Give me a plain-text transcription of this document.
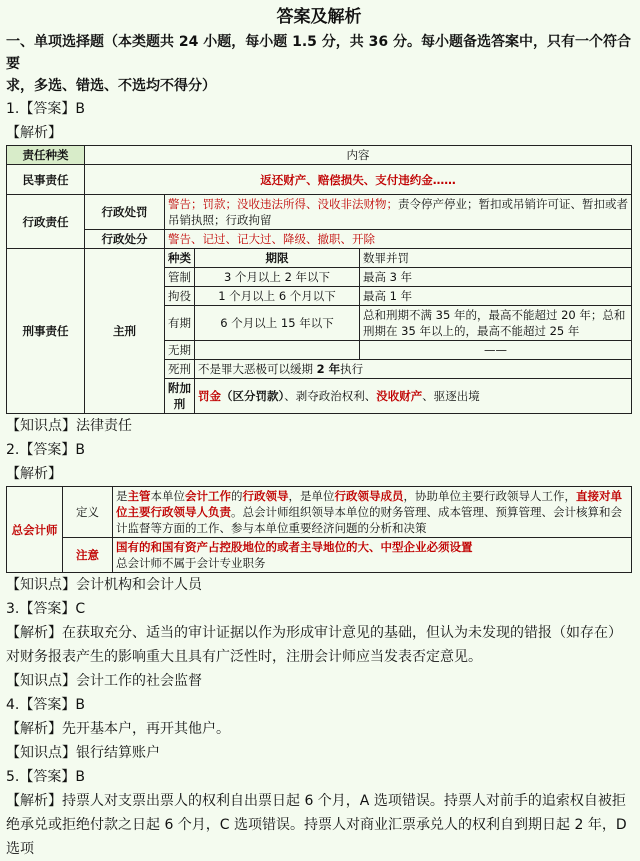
答案及解析
一、单项选择题（本类题共 24 小题，每小题 1.5 分，共 36 分。每小题备选答案中，只有一个符合要
求，多选、错选、不选均不得分）
1.【答案】B
【解析】
责任种类	内容			
民事责任	返还财产、赔偿损失、支付违约金……			
行政责任	行政处罚	警告；罚款；没收违法所得、没收非法财物；责令停产停业；暂扣或吊销许可证、暂扣或者吊销执照；行政拘留		
	行政处分	警告、记过、记大过、降级、撤职、开除		
刑事责任	主刑	种类	期限	数罪并罚
		管制	3 个月以上 2 年以下	最高 3 年
		拘役	1 个月以上 6 个月以下	最高 1 年
		有期	6 个月以上 15 年以下	总和刑期不满 35 年的，最高不能超过 20 年；总和刑期在 35 年以上的，最高不能超过 25 年
		无期		——
		死刑	不是罪大恶极可以缓期 2 年执行	
		附加刑	罚金（区分罚款）、剥夺政治权利、没收财产、驱逐出境	
【知识点】法律责任
2.【答案】B
【解析】
总会计师	定义	是主管本单位会计工作的行政领导，是单位行政领导成员，协助单位主要行政领导人工作，直接对单位主要行政领导人负责。总会计师组织领导本单位的财务管理、成本管理、预算管理、会计核算和会计监督等方面的工作、参与本单位重要经济问题的分析和决策
	注意	国有的和国有资产占控股地位的或者主导地位的大、中型企业必须设置
总会计师不属于会计专业职务
【知识点】会计机构和会计人员
3.【答案】C
【解析】在获取充分、适当的审计证据以作为形成审计意见的基础，但认为未发现的错报（如存在）对财务报表产生的影响重大且具有广泛性时，注册会计师应当发表否定意见。
【知识点】会计工作的社会监督
4.【答案】B
【解析】先开基本户，再开其他户。
【知识点】银行结算账户
5.【答案】B
【解析】持票人对支票出票人的权利自出票日起 6 个月，A 选项错误。持票人对前手的追索权自被拒绝承兑或拒绝付款之日起 6 个月，C 选项错误。持票人对商业汇票承兑人的权利自到期日起 2 年，D 选项
